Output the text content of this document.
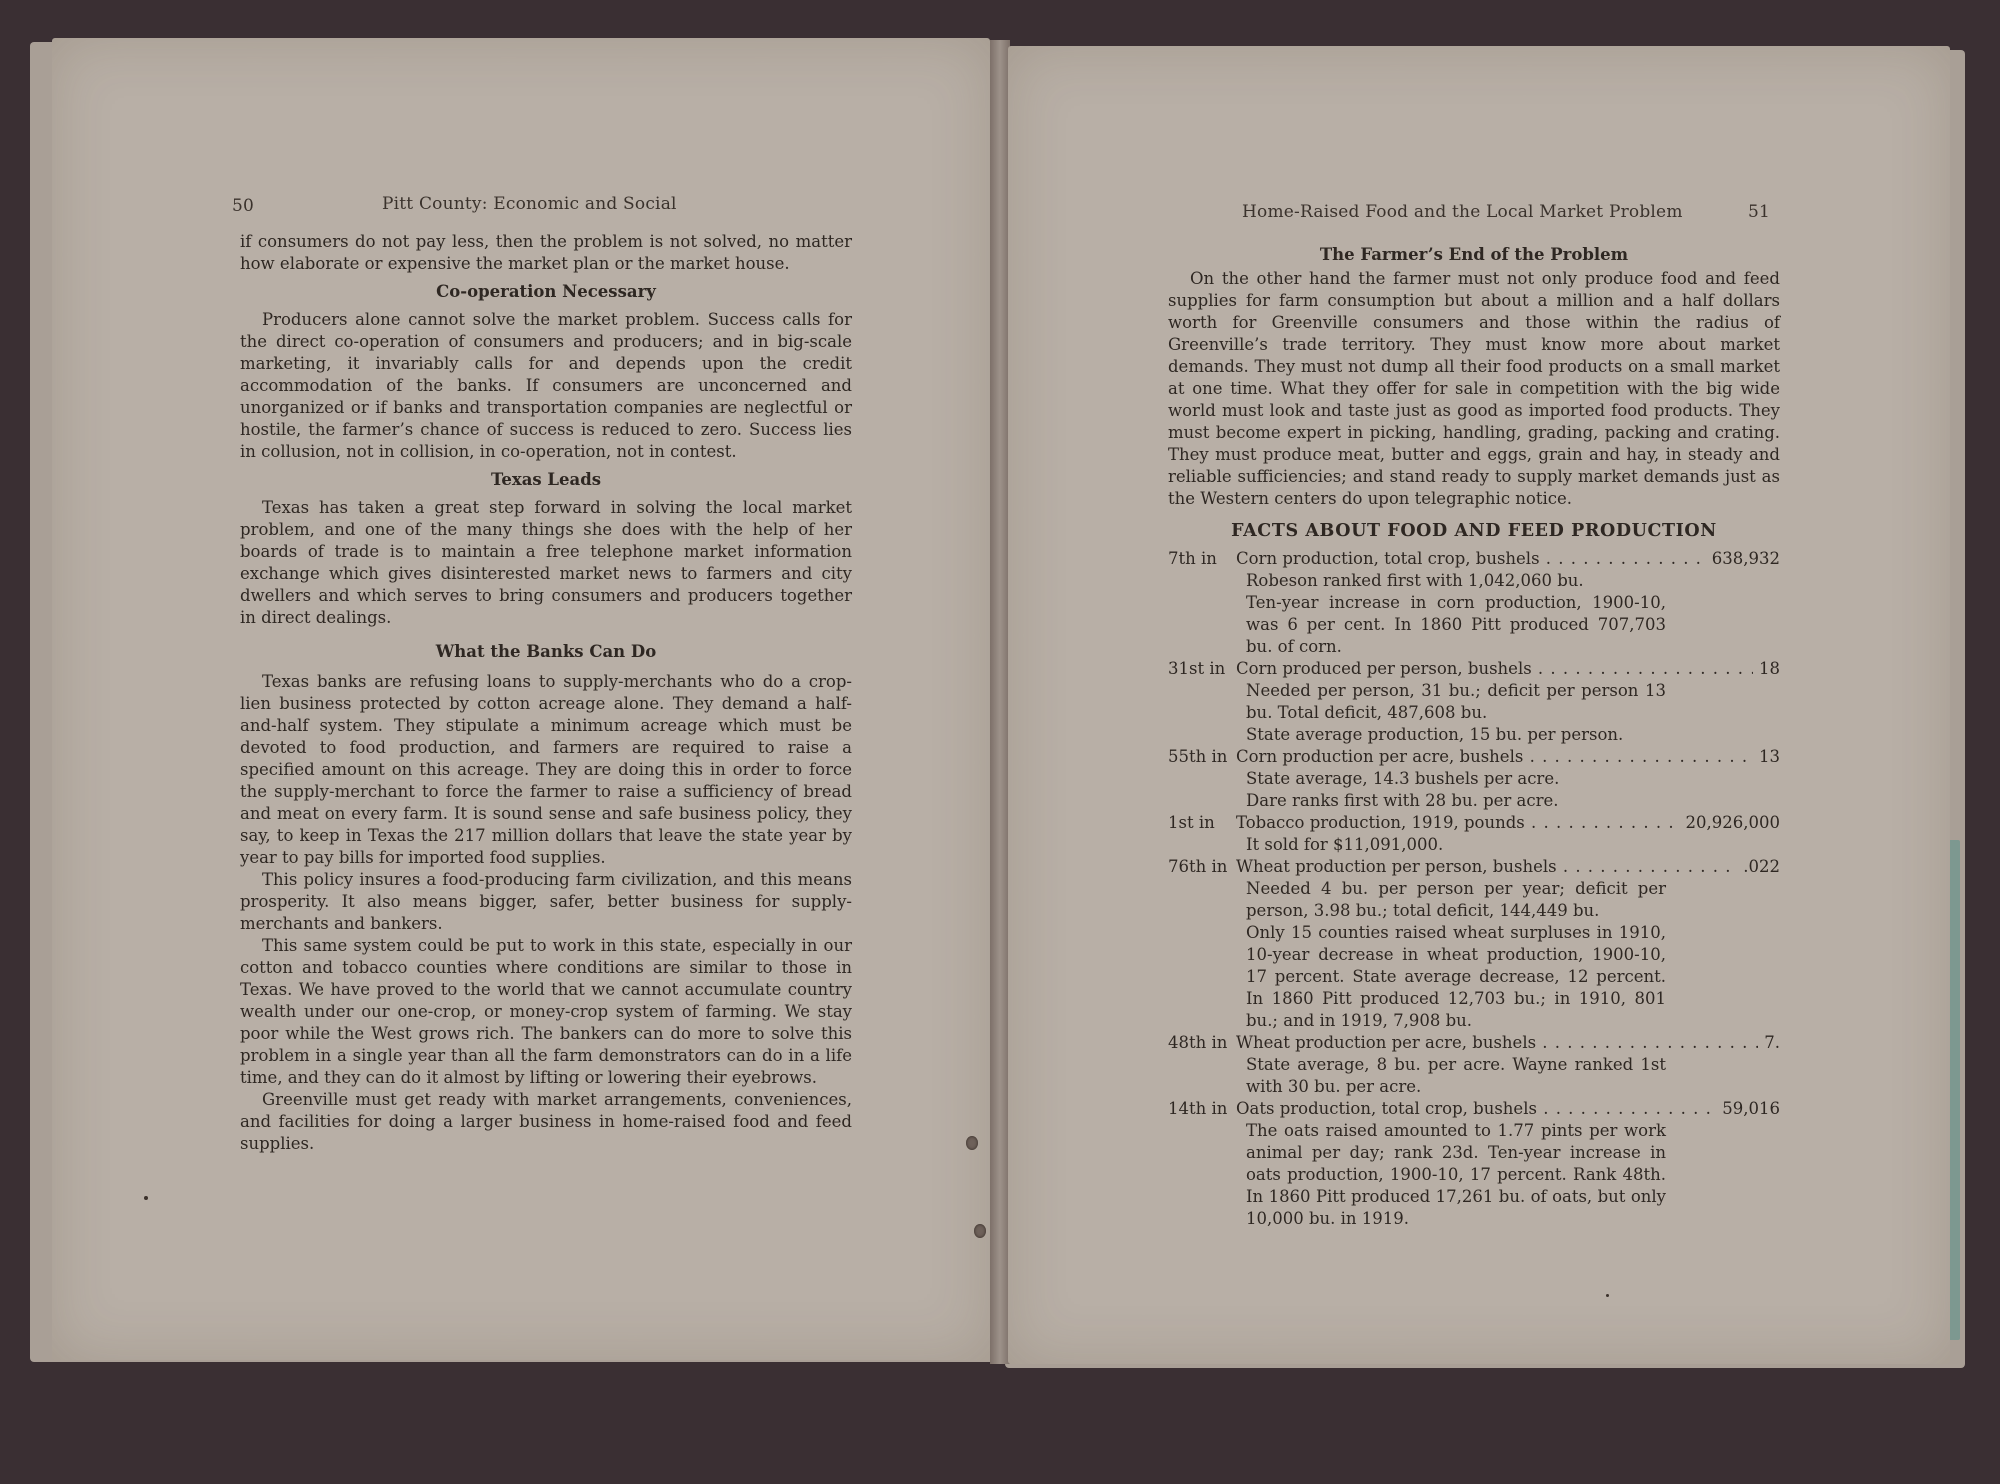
50	Pitt County: Economic and Social

if consumers do not pay less, then the problem is not solved, no matter how elaborate or expensive the market plan or the market house.

Co-operation Necessary

Producers alone cannot solve the market problem. Success calls for the direct co-operation of consumers and producers; and in big-scale marketing, it invariably calls for and depends upon the credit accommodation of the banks. If consumers are unconcerned and unorganized or if banks and transportation companies are neglectful or hostile, the farmer’s chance of success is reduced to zero. Success lies in collusion, not in collision, in co-operation, not in contest.

Texas Leads

Texas has taken a great step forward in solving the local market problem, and one of the many things she does with the help of her boards of trade is to maintain a free telephone market information exchange which gives disinterested market news to farmers and city dwellers and which serves to bring consumers and producers together in direct dealings.

What the Banks Can Do

Texas banks are refusing loans to supply-merchants who do a crop-lien business protected by cotton acreage alone. They demand a half-and-half system. They stipulate a minimum acreage which must be devoted to food production, and farmers are required to raise a specified amount on this acreage. They are doing this in order to force the supply-merchant to force the farmer to raise a sufficiency of bread and meat on every farm. It is sound sense and safe business policy, they say, to keep in Texas the 217 million dollars that leave the state year by year to pay bills for imported food supplies.

This policy insures a food-producing farm civilization, and this means prosperity. It also means bigger, safer, better business for supply-merchants and bankers.

This same system could be put to work in this state, especially in our cotton and tobacco counties where conditions are similar to those in Texas. We have proved to the world that we cannot accumulate country wealth under our one-crop, or money-crop system of farming. We stay poor while the West grows rich. The bankers can do more to solve this problem in a single year than all the farm demonstrators can do in a life time, and they can do it almost by lifting or lowering their eyebrows.

Greenville must get ready with market arrangements, conveniences, and facilities for doing a larger business in home-raised food and feed supplies.

Home-Raised Food and the Local Market Problem	51
The Farmer’s End of the Problem

On the other hand the farmer must not only produce food and feed supplies for farm consumption but about a million and a half dollars worth for Greenville consumers and those within the radius of Greenville’s trade territory. They must know more about market demands. They must not dump all their food products on a small market at one time. What they offer for sale in competition with the big wide world must look and taste just as good as imported food products. They must become expert in picking, handling, grading, packing and crating. They must produce meat, butter and eggs, grain and hay, in steady and reliable sufficiencies; and stand ready to supply market demands just as the Western centers do upon telegraphic notice.

FACTS ABOUT FOOD AND FEED PRODUCTION
7th in	Corn production, total crop, bushels . . .	638,932
Robeson ranked first with 1,042,060 bu.
Ten-year increase in corn production, 1900-10, was 6 per cent. In 1860 Pitt produced 707,703 bu. of corn.
31st in Corn produced per person, bushels . . .	18
Needed per person, 31 bu.; deficit per person 13 bu. Total deficit, 487,608 bu.
State average production, 15 bu. per person.
55th in Corn production per acre, bushels . . .	13
State average, 14.3 bushels per acre.
Dare ranks first with 28 bu. per acre.
1st in	Tobacco production, 1919, pounds . . .	20,926,000
It sold for $11,091,000.
76th in Wheat production per person, bushels . . .	.022
Needed 4 bu. per person per year; deficit per person, 3.98 bu.; total deficit, 144,449 bu.
Only 15 counties raised wheat surpluses in 1910, 10-year decrease in wheat production, 1900-10, 17 percent. State average decrease, 12 percent. In 1860 Pitt produced 12,703 bu.; in 1910, 801 bu.; and in 1919, 7,908 bu.
48th in Wheat production per acre, bushels . . .	7.
State average, 8 bu. per acre. Wayne ranked 1st with 30 bu. per acre.
14th in Oats production, total crop, bushels . . .	59,016
The oats raised amounted to 1.77 pints per work animal per day; rank 23d. Ten-year increase in oats production, 1900-10, 17 percent. Rank 48th. In 1860 Pitt produced 17,261 bu. of oats, but only 10,000 bu. in 1919.
